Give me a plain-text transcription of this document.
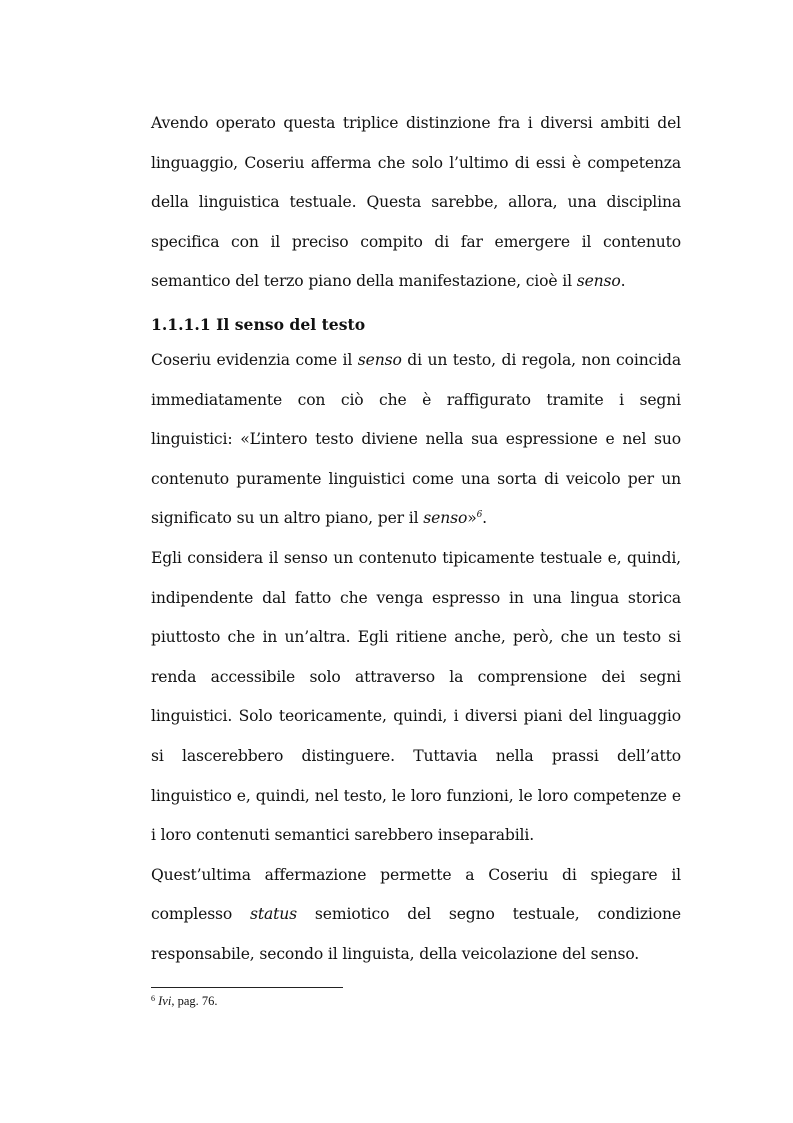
Avendo operato questa triplice distinzione fra i diversi ambiti del linguaggio, Coseriu afferma che solo l’ultimo di essi è competenza della linguistica testuale. Questa sarebbe, allora, una disciplina specifica con il preciso compito di far emergere il contenuto semantico del terzo piano della manifestazione, cioè il senso.

1.1.1.1 Il senso del testo

Coseriu evidenzia come il senso di un testo, di regola, non coincida immediatamente con ciò che è raffigurato tramite i segni linguistici: «L’intero testo diviene nella sua espressione e nel suo contenuto puramente linguistici come una sorta di veicolo per un significato su un altro piano, per il senso»$^6$.

Egli considera il senso un contenuto tipicamente testuale e, quindi, indipendente dal fatto che venga espresso in una lingua storica piuttosto che in un’altra. Egli ritiene anche, però, che un testo si renda accessibile solo attraverso la comprensione dei segni linguistici. Solo teoricamente, quindi, i diversi piani del linguaggio si lascerebbero distinguere. Tuttavia nella prassi dell’atto linguistico e, quindi, nel testo, le loro funzioni, le loro competenze e i loro contenuti semantici sarebbero inseparabili.

Quest’ultima affermazione permette a Coseriu di spiegare il complesso status semiotico del segno testuale, condizione responsabile, secondo il linguista, della veicolazione del senso.

$^6$ Ivi, pag. 76.
